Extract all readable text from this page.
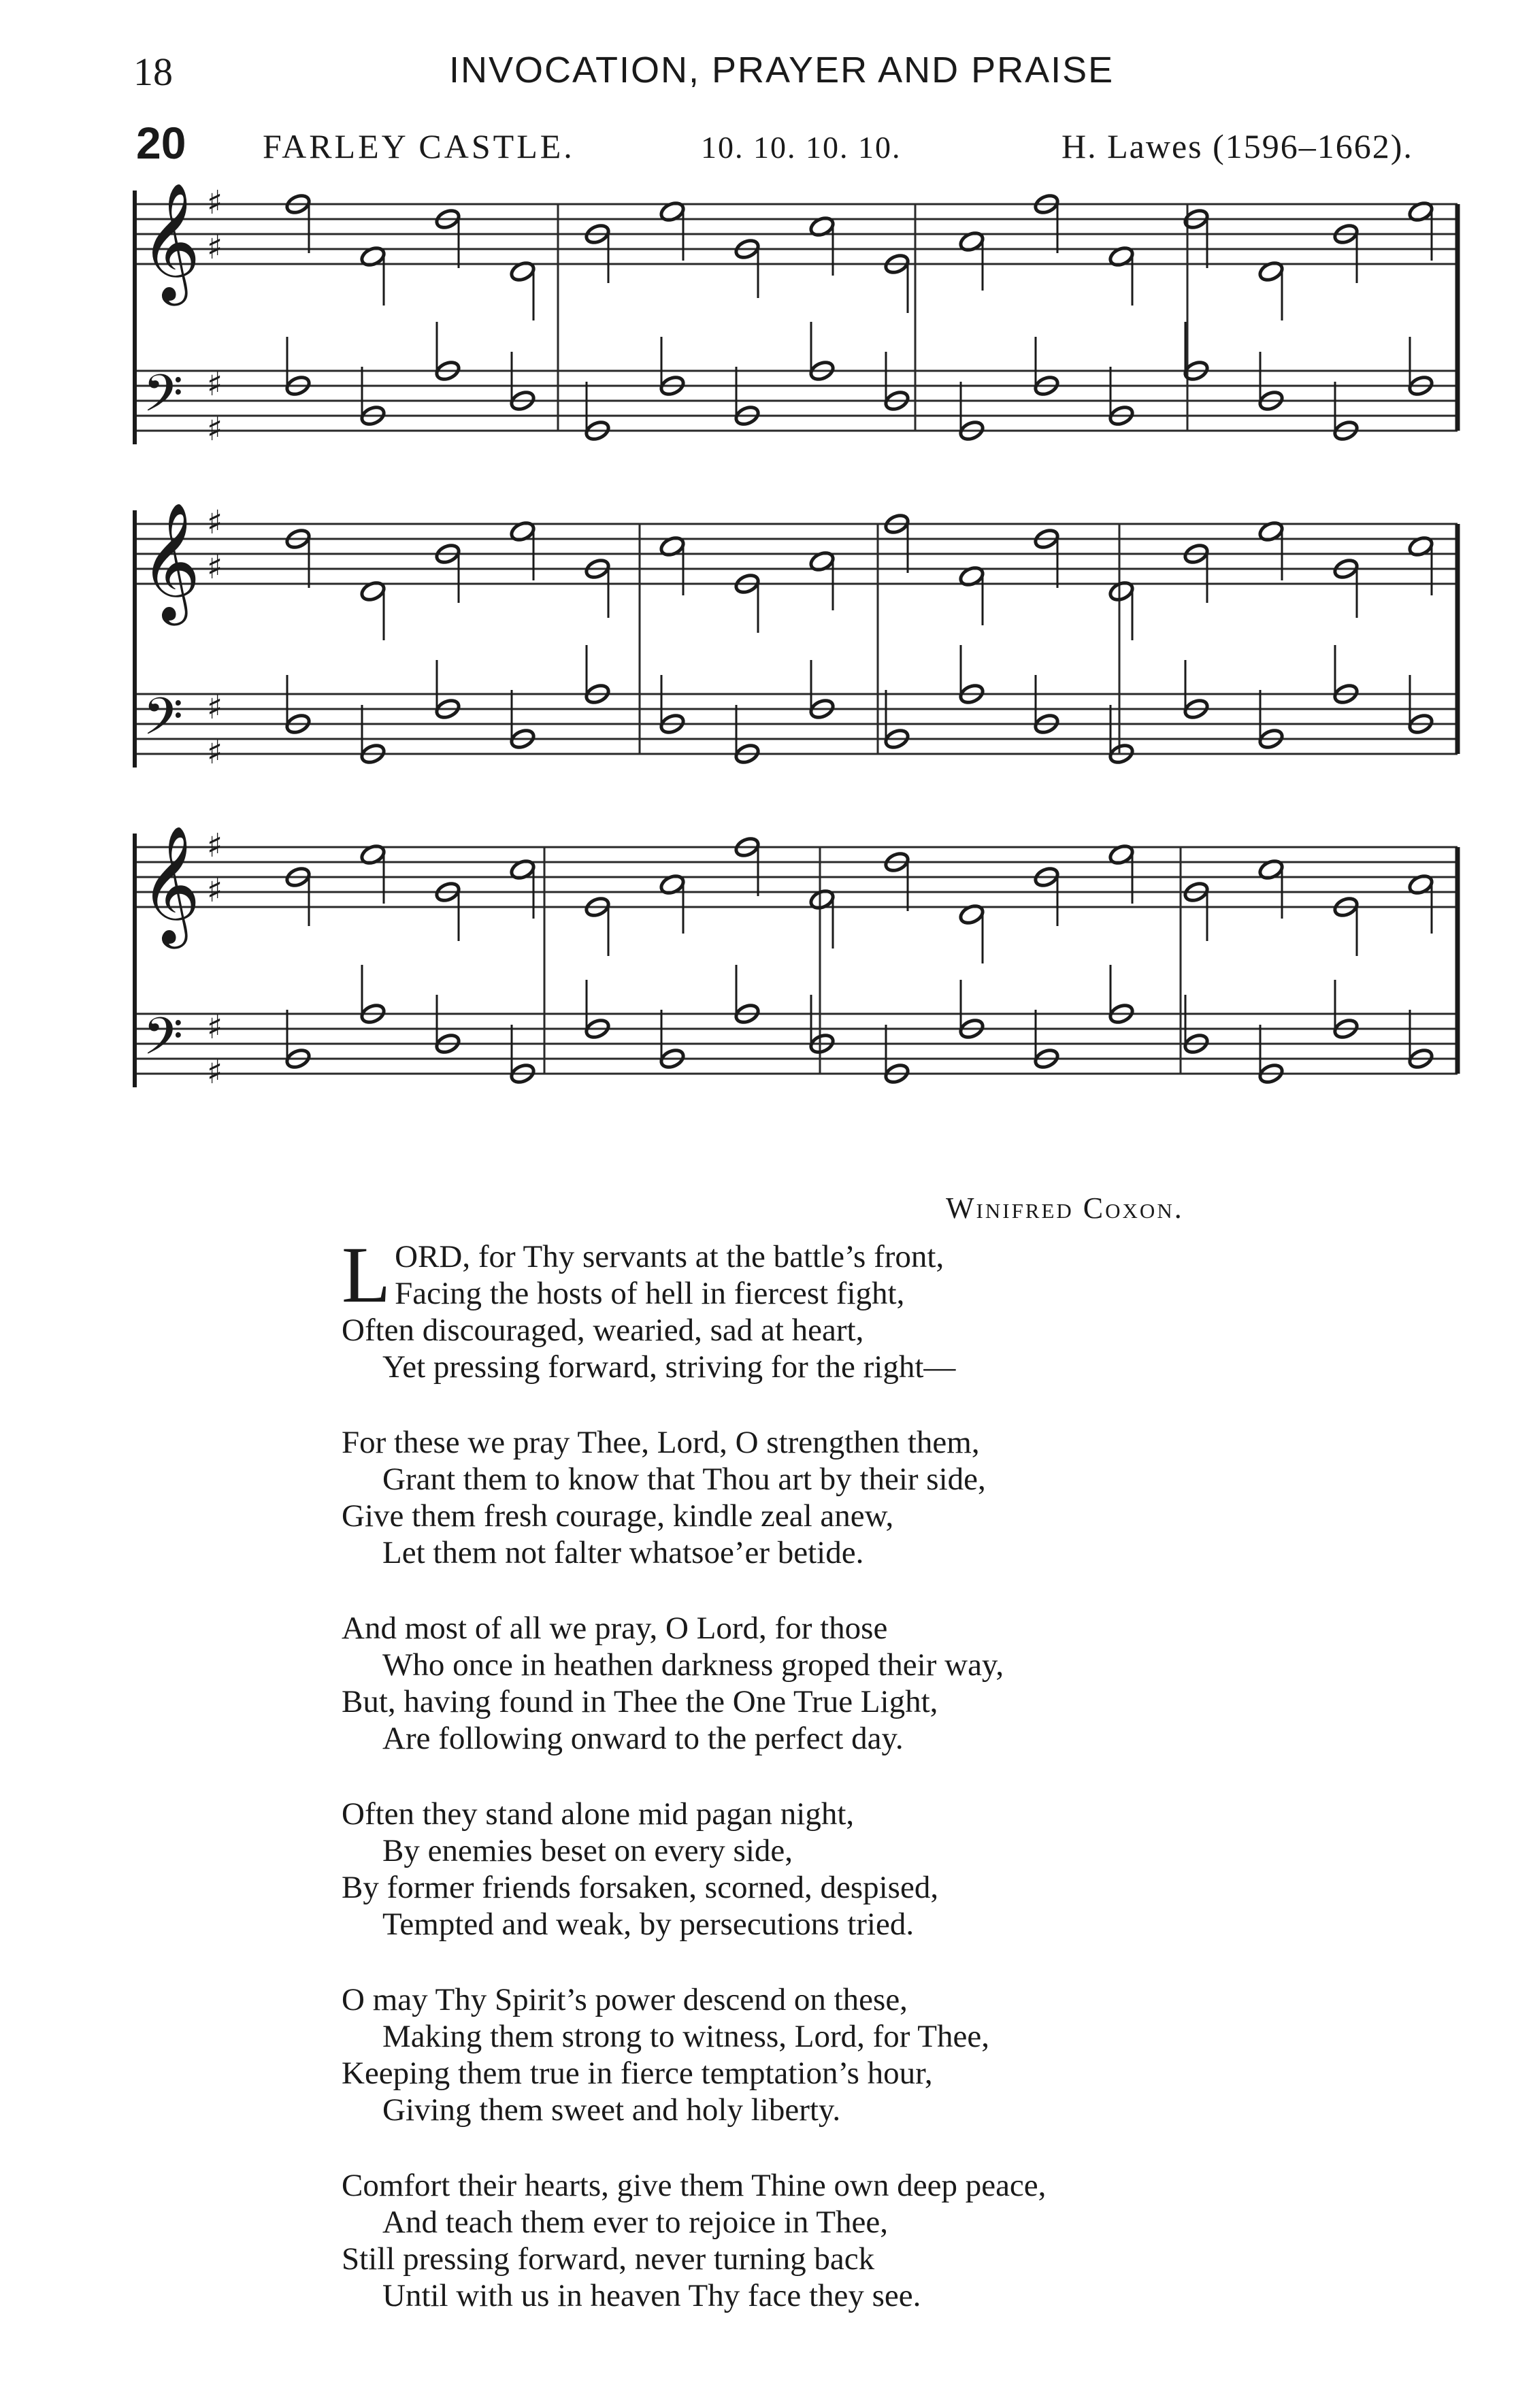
18	INVOCATION, PRAYER AND PRAISE
20 FARLEY CASTLE.	10. 10. 10. 10.	H. Lawes (1596–1662).
𝄞
𝄢
♯
♯
♯
♯
𝄞
𝄢
♯
♯
♯
♯
𝄞
𝄢
♯
♯
♯
♯
Winifred Coxon.
L ORD, for Thy servants at the battle’s front,
Facing the hosts of hell in fiercest fight,
Often discouraged, wearied, sad at heart,
Yet pressing forward, striving for the right—
For these we pray Thee, Lord, O strengthen them,
Grant them to know that Thou art by their side,
Give them fresh courage, kindle zeal anew,
Let them not falter whatsoe’er betide.
And most of all we pray, O Lord, for those
Who once in heathen darkness groped their way,
But, having found in Thee the One True Light,
Are following onward to the perfect day.
Often they stand alone mid pagan night,
By enemies beset on every side,
By former friends forsaken, scorned, despised,
Tempted and weak, by persecutions tried.
O may Thy Spirit’s power descend on these,
Making them strong to witness, Lord, for Thee,
Keeping them true in fierce temptation’s hour,
Giving them sweet and holy liberty.
Comfort their hearts, give them Thine own deep peace,
And teach them ever to rejoice in Thee,
Still pressing forward, never turning back
Until with us in heaven Thy face they see.
